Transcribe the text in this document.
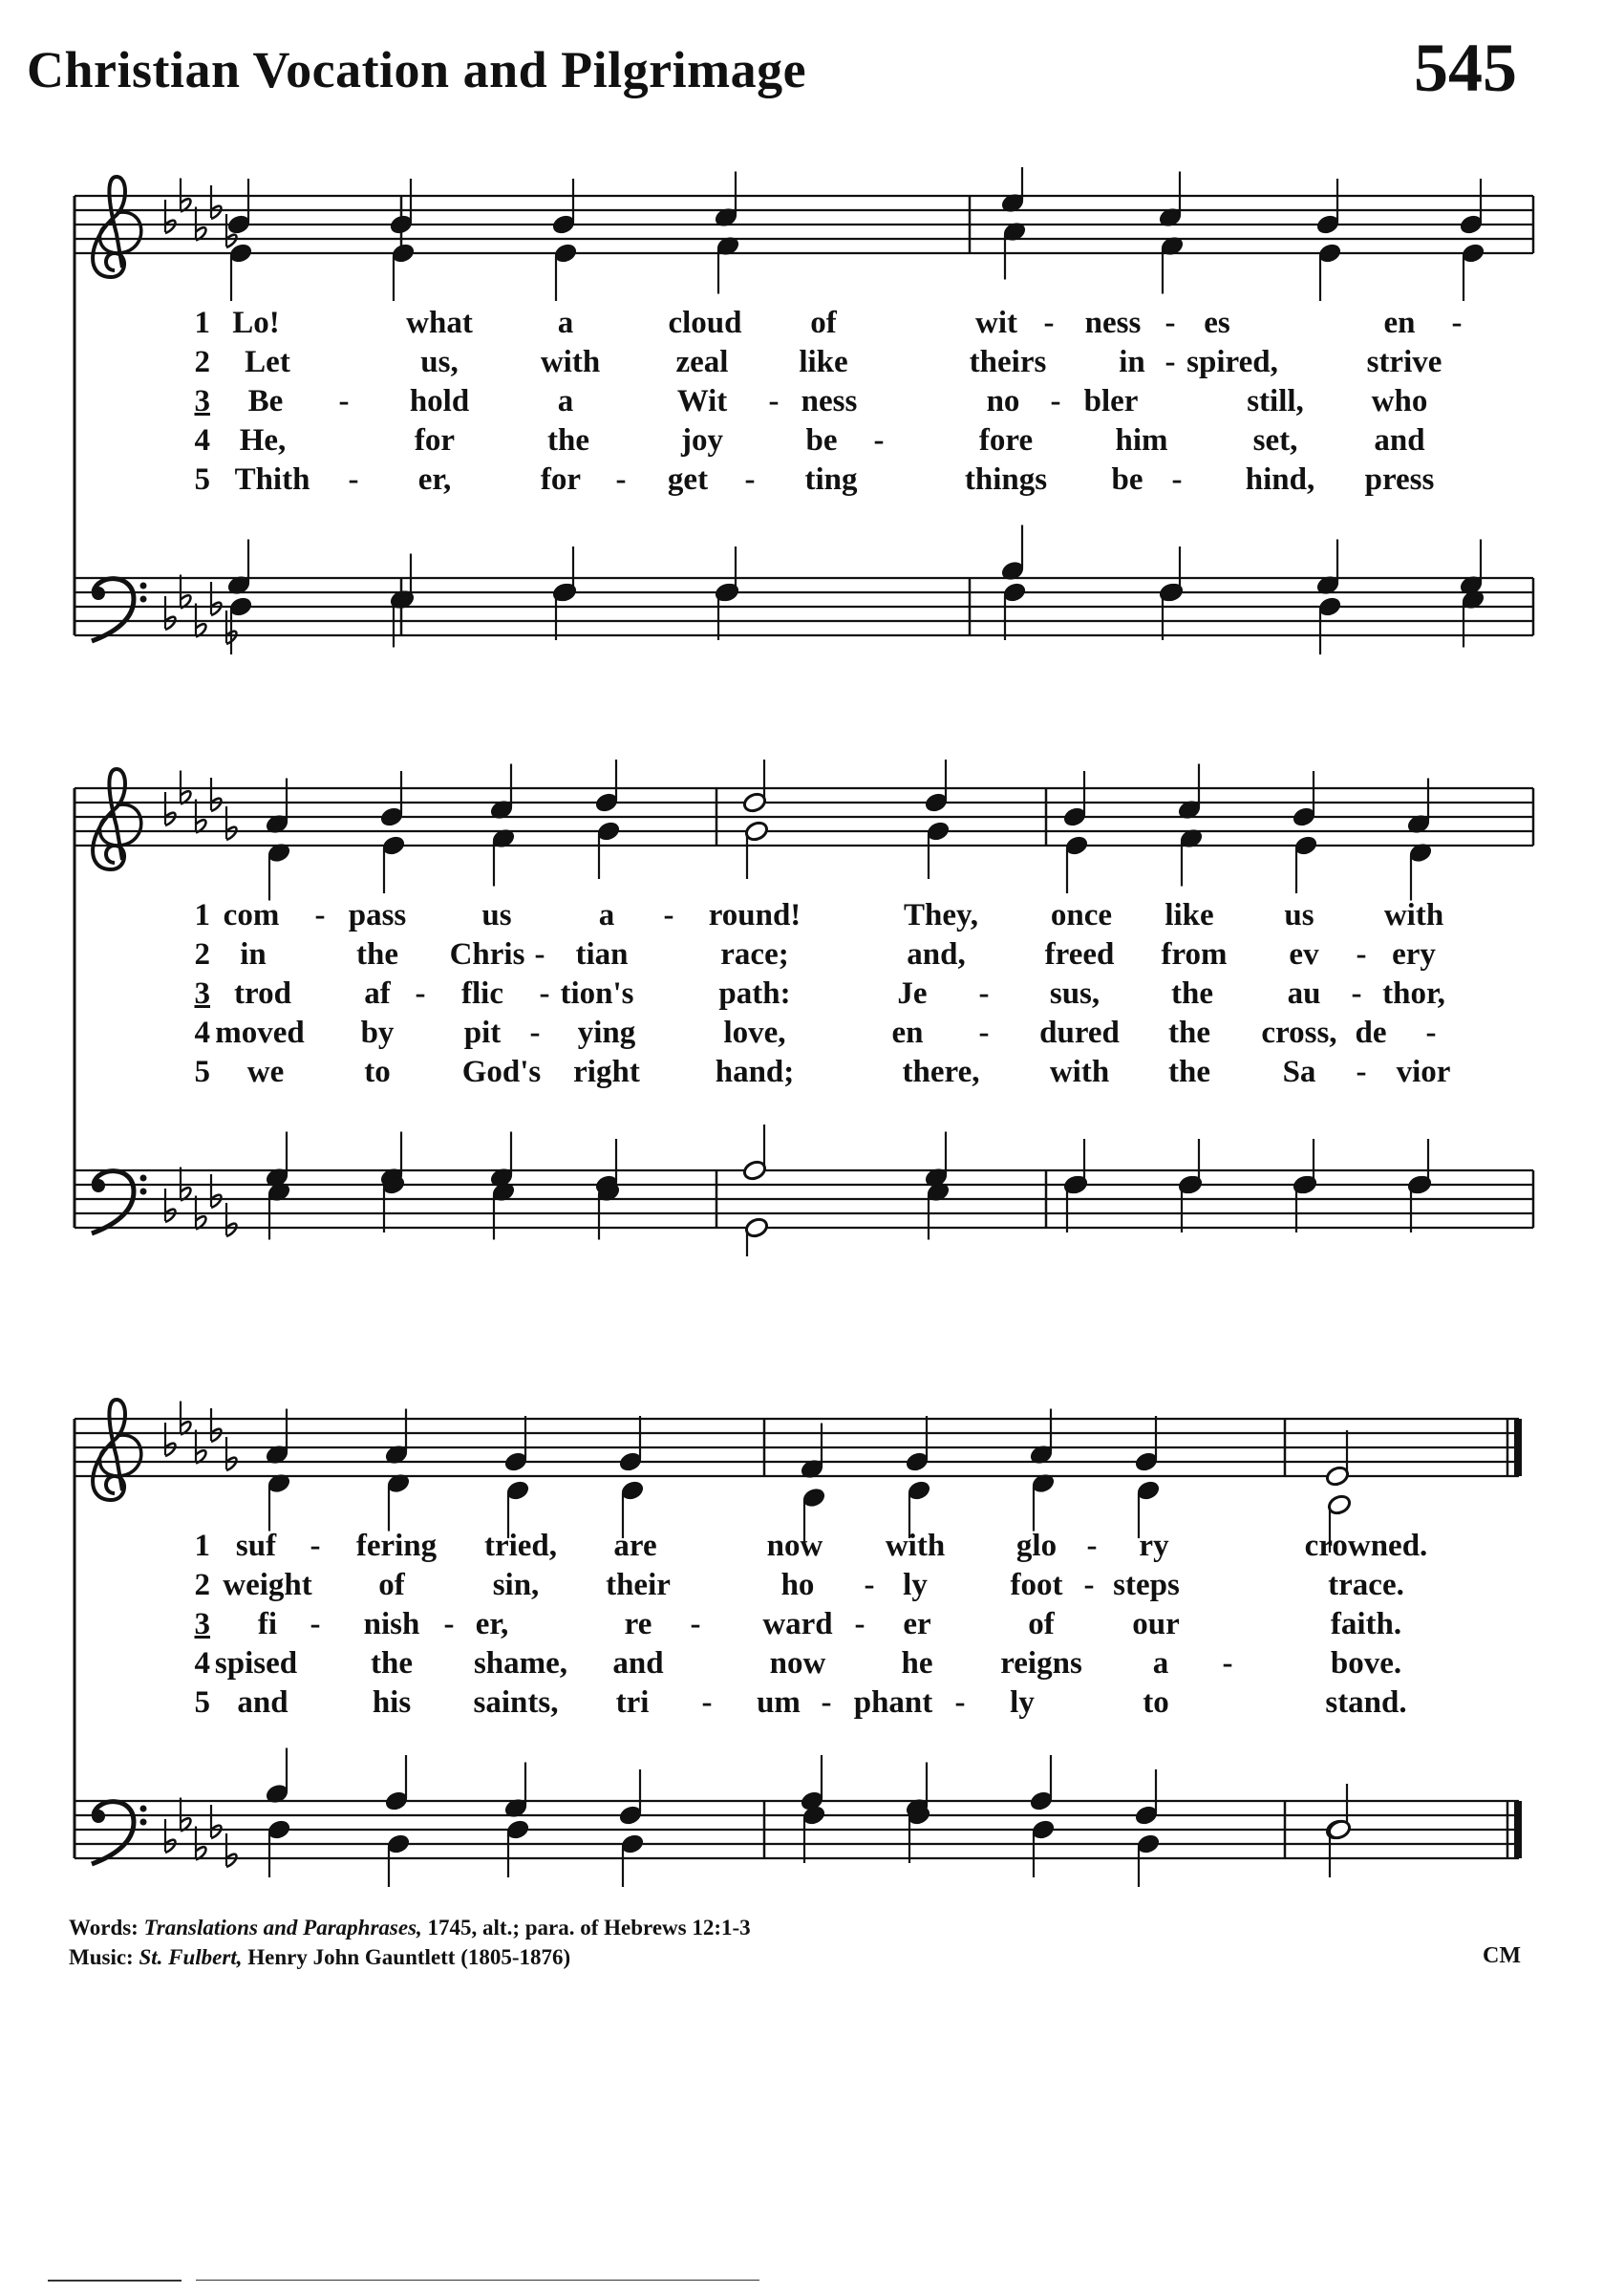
Christian Vocation and Pilgrimage	545
1 Lo!	what	a	cloud of	wit - ness - es	en -
2 Let	us,	with zeal like	theirs in - spired,	strive
3 Be - hold	a	Wit - ness	no - bler	still, who
4 He,	for	the	joy	be -	fore	him	set, and
5 Thith - er,	for - get - ting	things be - hind, press
1 com - pass us	a - round!	They, once like us with
2 in	the Chris - tian	race;	and,	freed from ev - ery
3 trod af - flic - tion's	path:	Je - sus, the au - thor,
4 moved by pit - ying	love,	en - dured the cross, de -
5 we	to God's right hand;	there, with the Sa - vior
1 suf - fering tried, are	now with glo - ry	crowned.
2 weight of	sin, their	ho - ly	foot - steps	trace.
3 fi - nish - er,	re - ward - er	of our	faith.
4 spised the shame, and	now he reigns a -	bove.
5 and	his saints, tri - um - phant - ly	to	stand.
Words: Translations and Paraphrases, 1745, alt.; para. of Hebrews 12:1-3
Music: St. Fulbert, Henry John Gauntlett (1805-1876)	CM
